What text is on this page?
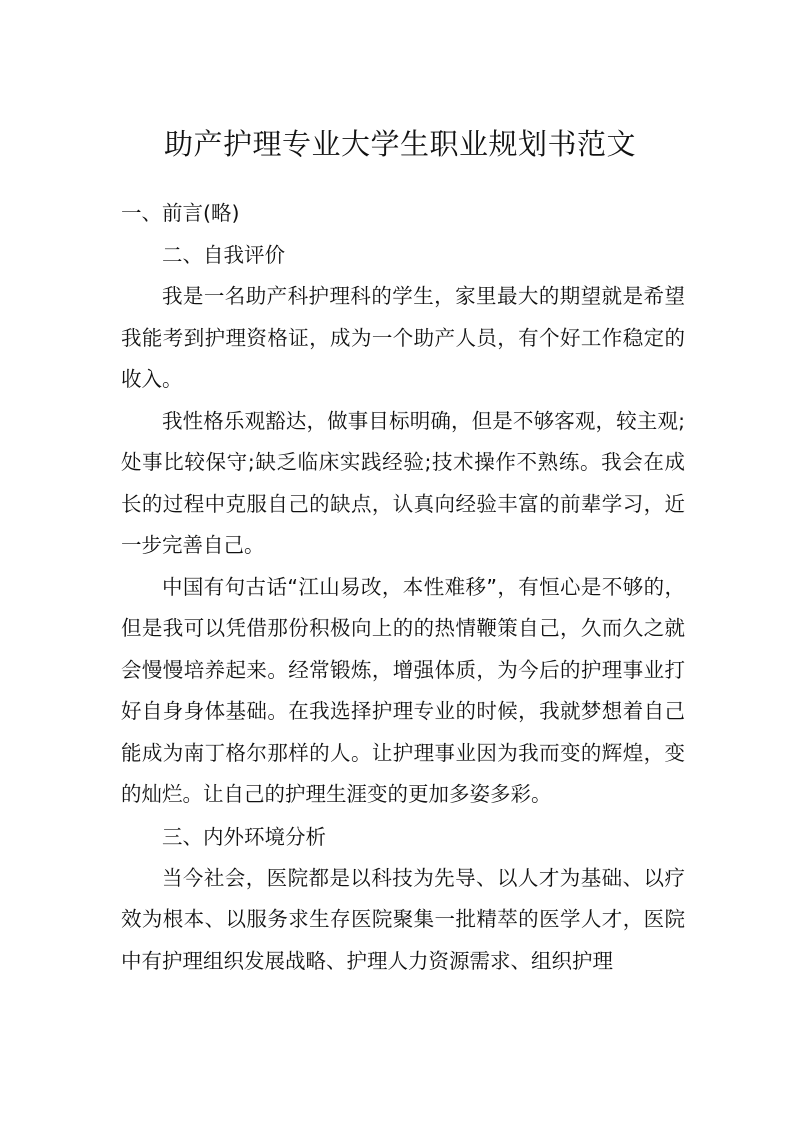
助产护理专业大学生职业规划书范文

一、前言(略)

二、自我评价

我是一名助产科护理科的学生，家里最大的期望就是希望我能考到护理资格证，成为一个助产人员，有个好工作稳定的收入。

我性格乐观豁达，做事目标明确，但是不够客观，较主观;处事比较保守;缺乏临床实践经验;技术操作不熟练。我会在成长的过程中克服自己的缺点，认真向经验丰富的前辈学习，近一步完善自己。

中国有句古话“江山易改，本性难移”，有恒心是不够的，但是我可以凭借那份积极向上的的热情鞭策自己，久而久之就会慢慢培养起来。经常锻炼，增强体质，为今后的护理事业打好自身身体基础。在我选择护理专业的时候，我就梦想着自己能成为南丁格尔那样的人。让护理事业因为我而变的辉煌，变的灿烂。让自己的护理生涯变的更加多姿多彩。

三、内外环境分析

当今社会，医院都是以科技为先导、以人才为基础、以疗效为根本、以服务求生存医院聚集一批精萃的医学人才，医院中有护理组织发展战略、护理人力资源需求、组织护理
